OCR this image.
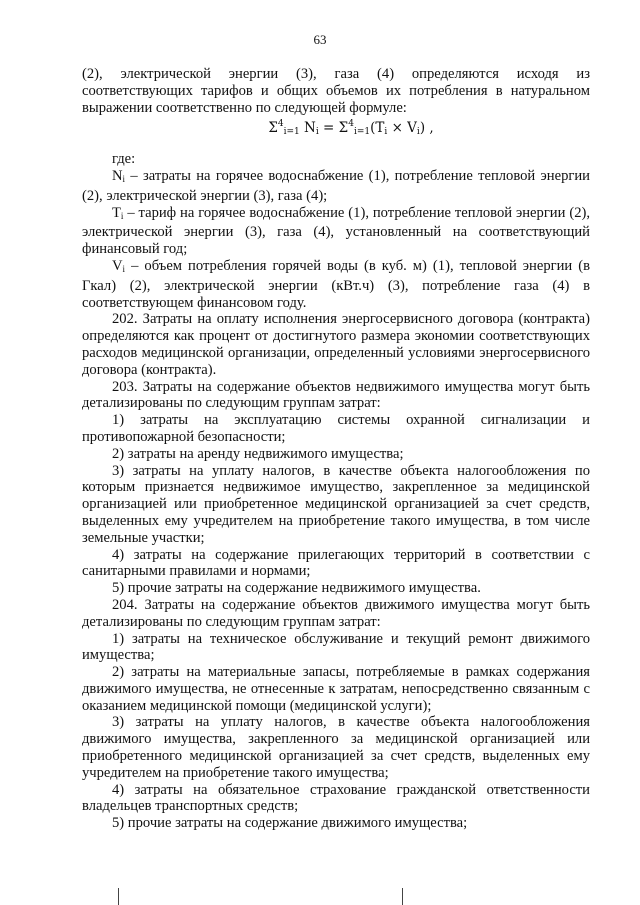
63

(2), электрической энергии (3), газа (4) определяются исходя из соответствующих тарифов и общих объемов их потребления в натуральном выражении соответственно по следующей формуле:

$\Sigma^4_{i=1}$ $N_i = \Sigma^4_{i=1}(T_i \times V_i)$ ,

где:

$N_i$ – затраты на горячее водоснабжение (1), потребление тепловой энергии (2), электрической энергии (3), газа (4);

$T_i$ – тариф на горячее водоснабжение (1), потребление тепловой энергии (2), электрической энергии (3), газа (4), установленный на соответствующий финансовый год;

$V_i$ – объем потребления горячей воды (в куб. м) (1), тепловой энергии (в Гкал) (2), электрической энергии (кВт.ч) (3), потребление газа (4) в соответствующем финансовом году.

202. Затраты на оплату исполнения энергосервисного договора (контракта) определяются как процент от достигнутого размера экономии соответствующих расходов медицинской организации, определенный условиями энергосервисного договора (контракта).

203. Затраты на содержание объектов недвижимого имущества могут быть детализированы по следующим группам затрат:

1) затраты на эксплуатацию системы охранной сигнализации и противопожарной безопасности;

2) затраты на аренду недвижимого имущества;

3) затраты на уплату налогов, в качестве объекта налогообложения по которым признается недвижимое имущество, закрепленное за медицинской организацией или приобретенное медицинской организацией за счет средств, выделенных ему учредителем на приобретение такого имущества, в том числе земельные участки;

4) затраты на содержание прилегающих территорий в соответствии с санитарными правилами и нормами;

5) прочие затраты на содержание недвижимого имущества.

204. Затраты на содержание объектов движимого имущества могут быть детализированы по следующим группам затрат:

1) затраты на техническое обслуживание и текущий ремонт движимого имущества;

2) затраты на материальные запасы, потребляемые в рамках содержания движимого имущества, не отнесенные к затратам, непосредственно связанным с оказанием медицинской помощи (медицинской услуги);

3) затраты на уплату налогов, в качестве объекта налогообложения движимого имущества, закрепленного за медицинской организацией или приобретенного медицинской организацией за счет средств, выделенных ему учредителем на приобретение такого имущества;

4) затраты на обязательное страхование гражданской ответственности владельцев транспортных средств;

5) прочие затраты на содержание движимого имущества;
